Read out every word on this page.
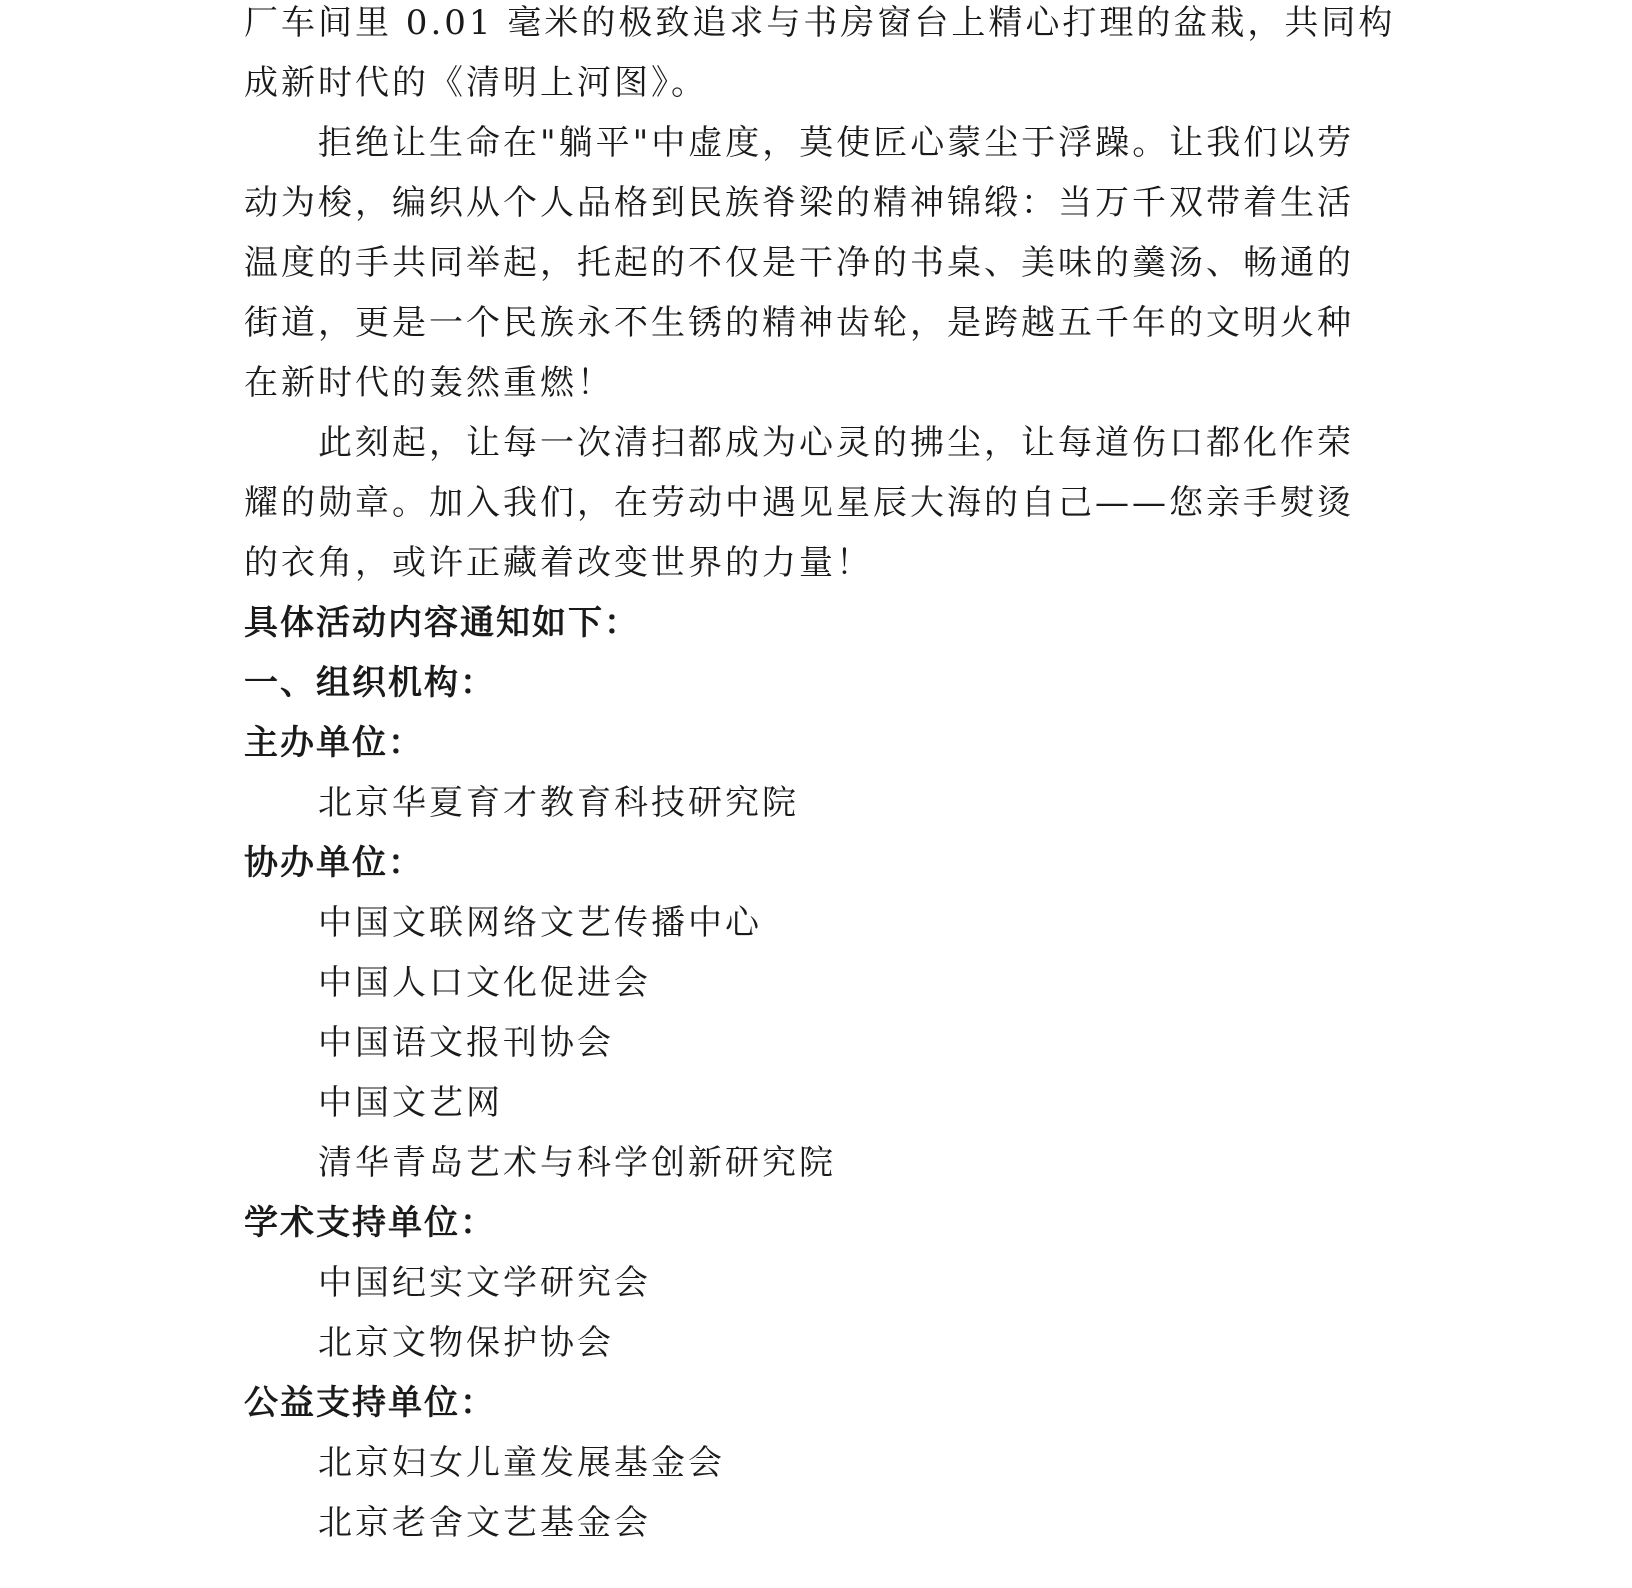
厂车间里 0.01 毫米的极致追求与书房窗台上精心打理的盆栽，共同构
成新时代的《清明上河图》。
拒绝让生命在"躺平"中虚度，莫使匠心蒙尘于浮躁。让我们以劳
动为梭，编织从个人品格到民族脊梁的精神锦缎：当万千双带着生活
温度的手共同举起，托起的不仅是干净的书桌、美味的羹汤、畅通的
街道，更是一个民族永不生锈的精神齿轮，是跨越五千年的文明火种
在新时代的轰然重燃！
此刻起，让每一次清扫都成为心灵的拂尘，让每道伤口都化作荣
耀的勋章。加入我们，在劳动中遇见星辰大海的自己——您亲手熨烫
的衣角，或许正藏着改变世界的力量！
具体活动内容通知如下：
一、组织机构：
主办单位：
北京华夏育才教育科技研究院
协办单位：
中国文联网络文艺传播中心
中国人口文化促进会
中国语文报刊协会
中国文艺网
清华青岛艺术与科学创新研究院
学术支持单位：
中国纪实文学研究会
北京文物保护协会
公益支持单位：
北京妇女儿童发展基金会
北京老舍文艺基金会
